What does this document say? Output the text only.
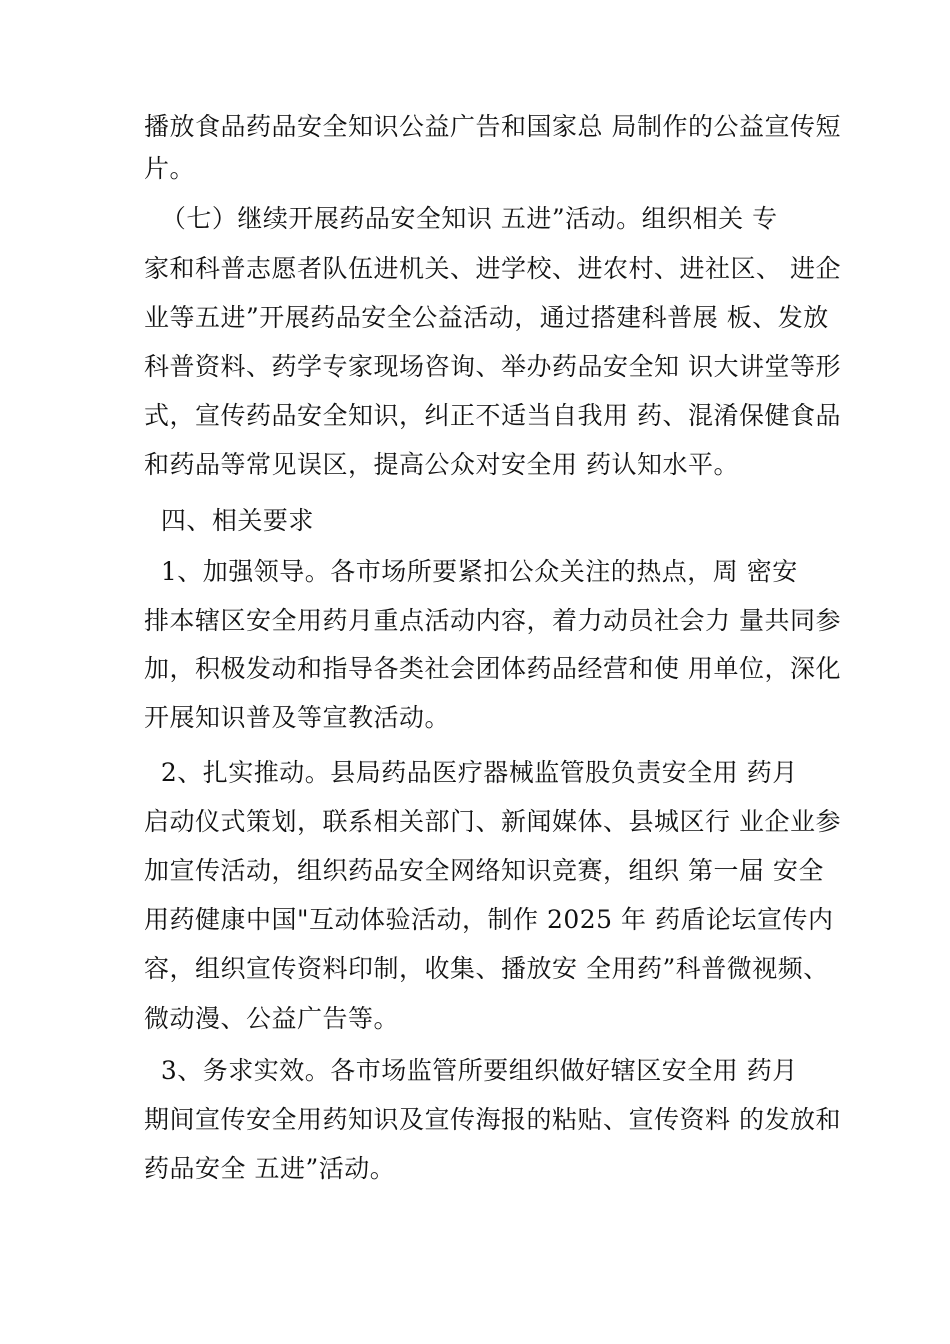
播放食品药品安全知识公益广告和国家总 局制作的公益宣传短
片。
（七）继续开展药品安全知识 五进”活动。组织相关 专
家和科普志愿者队伍进机关、进学校、进农村、进社区、 进企
业等五进”开展药品安全公益活动，通过搭建科普展 板、发放
科普资料、药学专家现场咨询、举办药品安全知 识大讲堂等形
式，宣传药品安全知识，纠正不适当自我用 药、混淆保健食品
和药品等常见误区，提高公众对安全用 药认知水平。
四、相关要求
1、加强领导。各市场所要紧扣公众关注的热点，周 密安
排本辖区安全用药月重点活动内容，着力动员社会力 量共同参
加，积极发动和指导各类社会团体药品经营和使 用单位，深化
开展知识普及等宣教活动。
2、扎实推动。县局药品医疗器械监管股负责安全用 药月
启动仪式策划，联系相关部门、新闻媒体、县城区行 业企业参
加宣传活动，组织药品安全网络知识竞赛，组织 第一届 安全
用药健康中国"互动体验活动，制作 2025 年 药盾论坛宣传内
容，组织宣传资料印制，收集、播放安 全用药”科普微视频、
微动漫、公益广告等。
3、务求实效。各市场监管所要组织做好辖区安全用 药月
期间宣传安全用药知识及宣传海报的粘贴、宣传资料 的发放和
药品安全 五进”活动。
